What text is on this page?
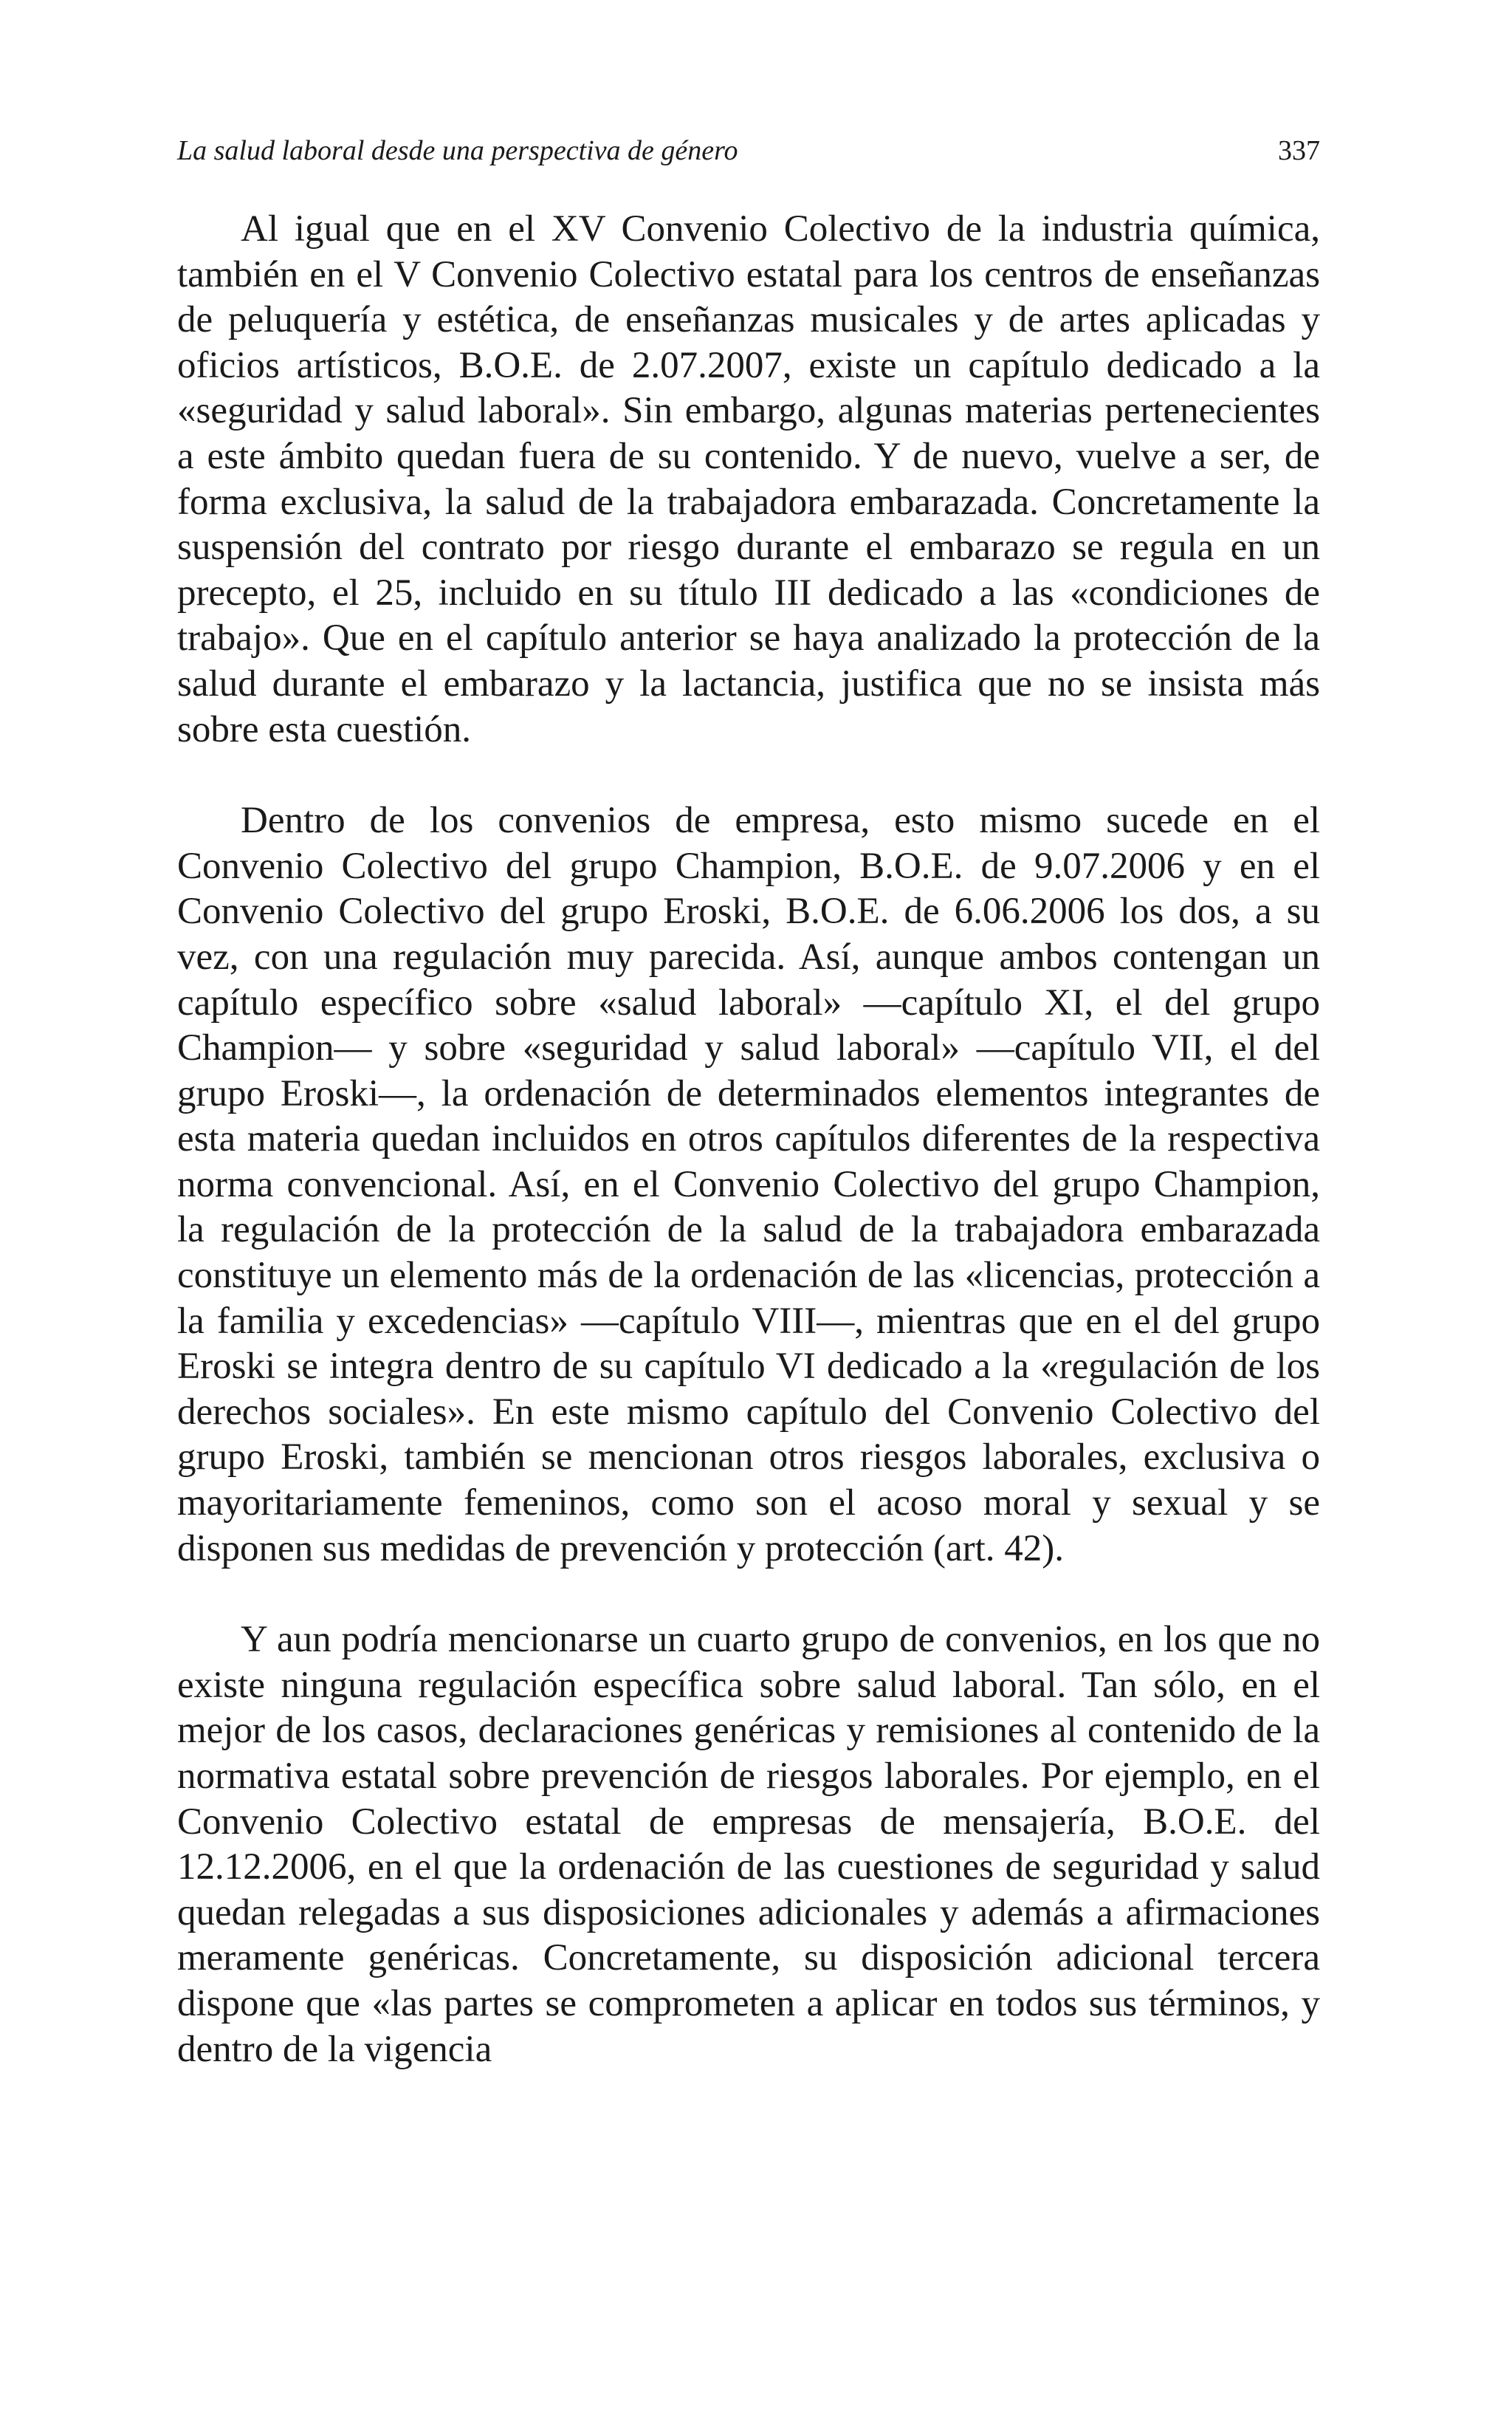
La salud laboral desde una perspectiva de género	337

Al igual que en el XV Convenio Colectivo de la industria química, también en el V Convenio Colectivo estatal para los centros de enseñanzas de peluquería y estética, de enseñanzas musicales y de artes aplicadas y oficios artísticos, B.O.E. de 2.07.2007, existe un capítulo dedicado a la «seguridad y salud laboral». Sin embargo, algunas materias pertenecientes a este ámbito quedan fuera de su contenido. Y de nuevo, vuelve a ser, de forma exclusiva, la salud de la trabajadora embarazada. Concretamente la suspensión del contrato por riesgo durante el embarazo se regula en un precepto, el 25, incluido en su título III dedicado a las «condiciones de trabajo». Que en el capítulo anterior se haya analizado la protección de la salud durante el embarazo y la lactancia, justifica que no se insista más sobre esta cuestión.

Dentro de los convenios de empresa, esto mismo sucede en el Convenio Colectivo del grupo Champion, B.O.E. de 9.07.2006 y en el Convenio Colectivo del grupo Eroski, B.O.E. de 6.06.2006 los dos, a su vez, con una regulación muy parecida. Así, aunque ambos contengan un capítulo específico sobre «salud laboral» —capítulo XI, el del grupo Champion— y sobre «seguridad y salud laboral» —capítulo VII, el del grupo Eroski—, la ordenación de determinados elementos integrantes de esta materia quedan incluidos en otros capítulos diferentes de la respectiva norma convencional. Así, en el Convenio Colectivo del grupo Champion, la regulación de la protección de la salud de la trabajadora embarazada constituye un elemento más de la ordenación de las «licencias, protección a la familia y excedencias» —capítulo VIII—, mientras que en el del grupo Eroski se integra dentro de su capítulo VI dedicado a la «regulación de los derechos sociales». En este mismo capítulo del Convenio Colectivo del grupo Eroski, también se mencionan otros riesgos laborales, exclusiva o mayoritariamente femeninos, como son el acoso moral y sexual y se disponen sus medidas de prevención y protección (art. 42).

Y aun podría mencionarse un cuarto grupo de convenios, en los que no existe ninguna regulación específica sobre salud laboral. Tan sólo, en el mejor de los casos, declaraciones genéricas y remisiones al contenido de la normativa estatal sobre prevención de riesgos laborales. Por ejemplo, en el Convenio Colectivo estatal de empresas de mensajería, B.O.E. del 12.12.2006, en el que la ordenación de las cuestiones de seguridad y salud quedan relegadas a sus disposiciones adicionales y además a afirmaciones meramente genéricas. Concretamente, su disposición adicional tercera dispone que «las partes se comprometen a aplicar en todos sus términos, y dentro de la vigencia
